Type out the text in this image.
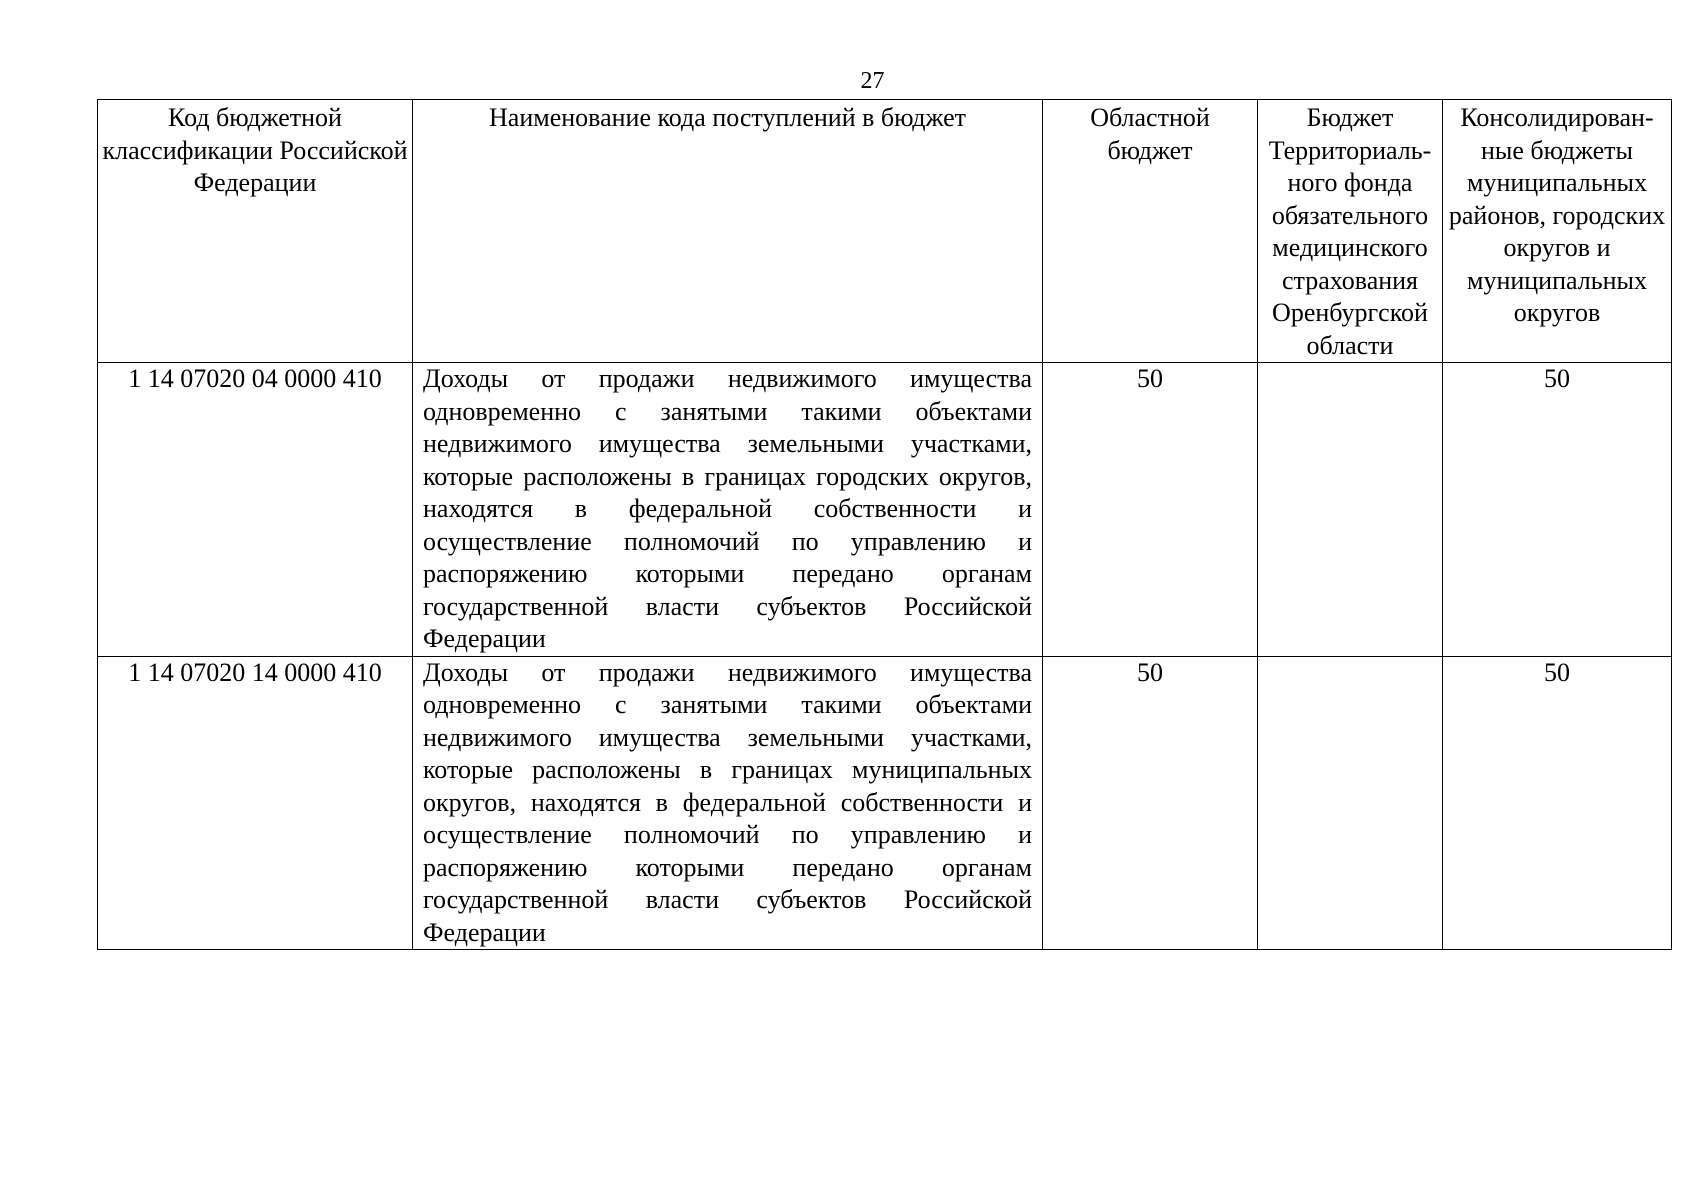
27
Код бюджетной классификации Российской Федерации	Наименование кода поступлений в бюджет	Областной бюджет	Бюджет Территориаль-ного фонда обязательного медицинского страхования Оренбургской области	Консолидирован-ные бюджеты муниципальных районов, городских округов и муниципальных округов

1 14 07020 04 0000 410	Доходы от продажи недвижимого имущества одновременно с занятыми такими объектами недвижимого имущества земельными участками, которые расположены в границах городских округов, находятся в федеральной собственности и осуществление полномочий по управлению и распоряжению которыми передано органам государственной власти субъектов Российской Федерации	50		50

1 14 07020 14 0000 410	Доходы от продажи недвижимого имущества одновременно с занятыми такими объектами недвижимого имущества земельными участками, которые расположены в границах муниципальных округов, находятся в федеральной собственности и осуществление полномочий по управлению и распоряжению которыми передано органам государственной власти субъектов Российской Федерации	50		50
